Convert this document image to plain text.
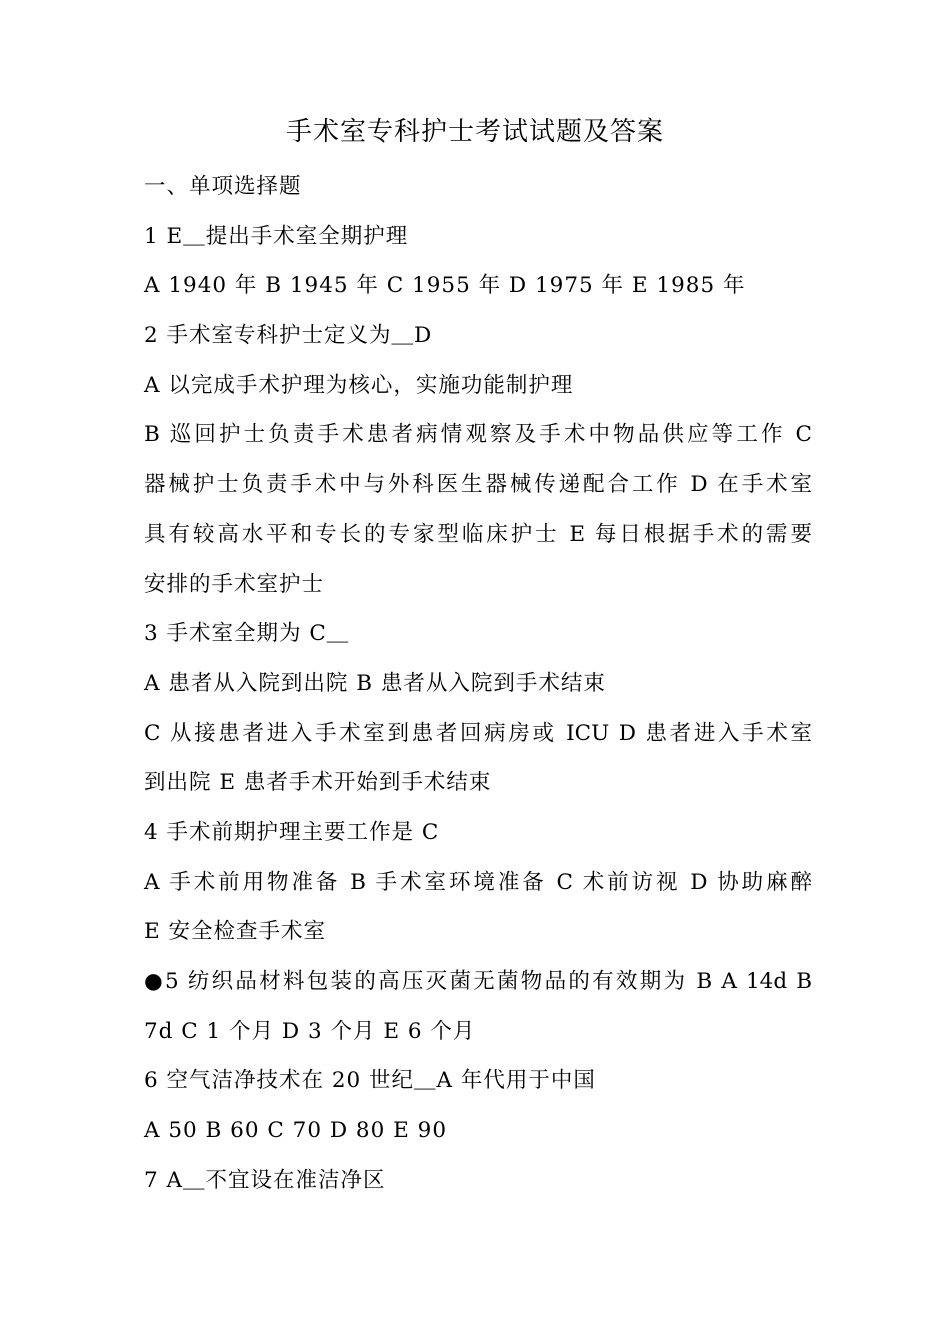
手术室专科护士考试试题及答案
一、单项选择题
1 E＿提出手术室全期护理
A 1940 年 B 1945 年 C 1955 年 D 1975 年 E 1985 年
2 手术室专科护士定义为＿D
A 以完成手术护理为核心，实施功能制护理
B 巡回护士负责手术患者病情观察及手术中物品供应等工作 C
器械护士负责手术中与外科医生器械传递配合工作 D 在手术室
具有较高水平和专长的专家型临床护士 E 每日根据手术的需要
安排的手术室护士
3 手术室全期为 C＿
A 患者从入院到出院 B 患者从入院到手术结束
C 从接患者进入手术室到患者回病房或 ICU D 患者进入手术室
到出院 E 患者手术开始到手术结束
4 手术前期护理主要工作是 C
A 手术前用物准备 B 手术室环境准备 C 术前访视 D 协助麻醉
E 安全检查手术室
●5 纺织品材料包装的高压灭菌无菌物品的有效期为 B A 14d B
7d C 1 个月 D 3 个月 E 6 个月
6 空气洁净技术在 20 世纪＿A 年代用于中国
A 50 B 60 C 70 D 80 E 90
7 A＿不宜设在准洁净区
